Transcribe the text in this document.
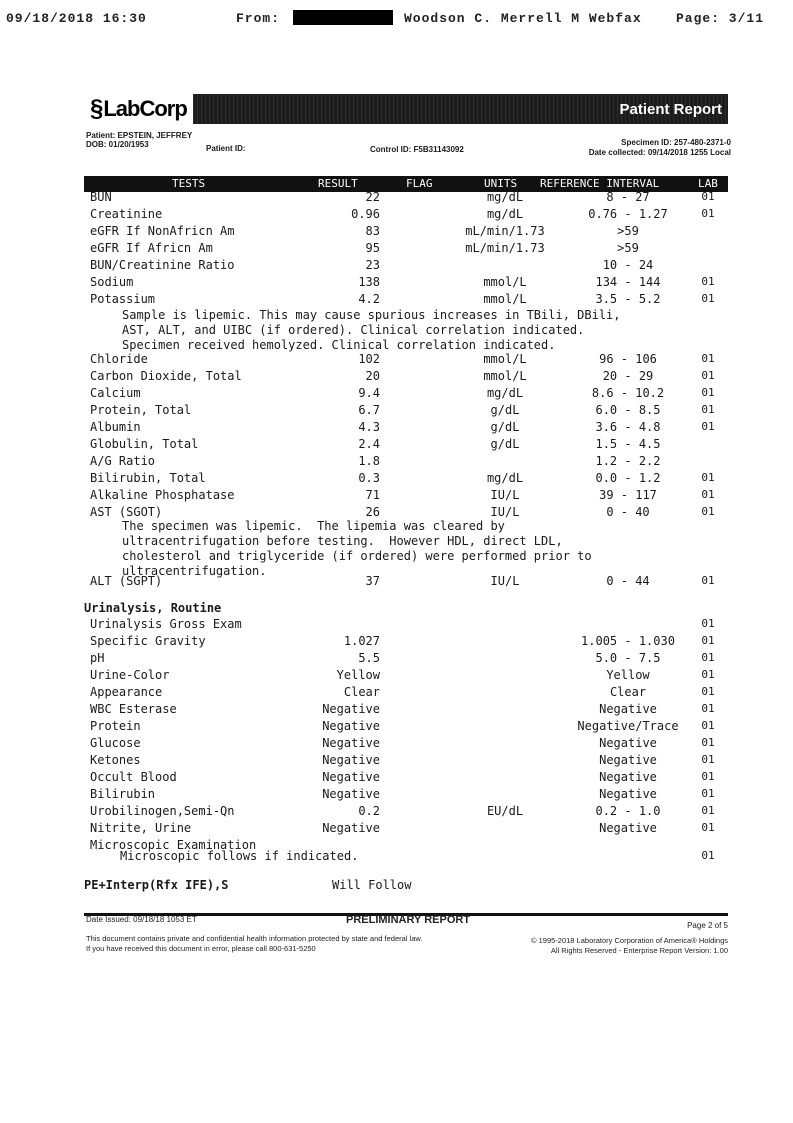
09/18/2018 16:30	From:	Woodson C. Merrell M Webfax	Page: 3/11
§ LabCorp	Patient Report
Patient: EPSTEIN, JEFFREY
DOB: 01/20/1953	Patient ID:	Control ID: F5B31143092
Specimen ID: 257-480-2371-0
Date collected: 09/14/2018 1255 Local
TESTS	RESULT	FLAG	UNITS REFERENCE INTERVAL	LAB
BUN	22	mg/dL	8 - 27	01
Creatinine	0.96	mg/dL	0.76 - 1.27	01
eGFR If NonAfricn Am	83	mL/min/1.73	>59
eGFR If Africn Am	95	mL/min/1.73	>59
BUN/Creatinine Ratio	23	10 - 24
Sodium	138	mmol/L	134 - 144	01
Potassium	4.2	mmol/L	3.5 - 5.2	01
Chloride	102	mmol/L	96 - 106	01
Carbon Dioxide, Total	20	mmol/L	20 - 29	01
Calcium	9.4	mg/dL	8.6 - 10.2	01
Protein, Total	6.7	g/dL	6.0 - 8.5	01
Albumin	4.3	g/dL	3.6 - 4.8	01
Globulin, Total	2.4	g/dL	1.5 - 4.5
A/G Ratio	1.8	1.2 - 2.2
Bilirubin, Total	0.3	mg/dL	0.0 - 1.2	01
Alkaline Phosphatase	71	IU/L	39 - 117	01
AST (SGOT)	26	IU/L	0 - 40	01
ALT (SGPT)	37	IU/L	0 - 44	01
Urinalysis Gross Exam	01
Specific Gravity	1.027	1.005 - 1.030	01
pH	5.5	5.0 - 7.5	01
Urine-Color	Yellow	Yellow	01
Appearance	Clear	Clear	01
WBC Esterase	Negative	Negative	01
Protein	Negative	Negative/Trace	01
Glucose	Negative	Negative	01
Ketones	Negative	Negative	01
Occult Blood	Negative	Negative	01
Bilirubin	Negative	Negative	01
Urobilinogen,Semi-Qn	0.2	EU/dL	0.2 - 1.0	01
Nitrite, Urine	Negative	Negative	01
Microscopic Examination
Sample is lipemic. This may cause spurious increases in TBili, DBili,
AST, ALT, and UIBC (if ordered). Clinical correlation indicated.
Specimen received hemolyzed. Clinical correlation indicated.
The specimen was lipemic.  The lipemia was cleared by
ultracentrifugation before testing.  However HDL, direct LDL,
cholesterol and triglyceride (if ordered) were performed prior to
ultracentrifugation.
Urinalysis, Routine
Microscopic follows if indicated.	01
PE+Interp(Rfx IFE),S	Will Follow
Date Issued: 09/18/18 1053 ET	PRELIMINARY REPORT	Page 2 of 5
This document contains private and confidential health information protected by state and federal law.
If you have received this document in error, please call 800-631-5250
© 1995-2018 Laboratory Corporation of America® Holdings
All Rights Reserved - Enterprise Report Version: 1.00
